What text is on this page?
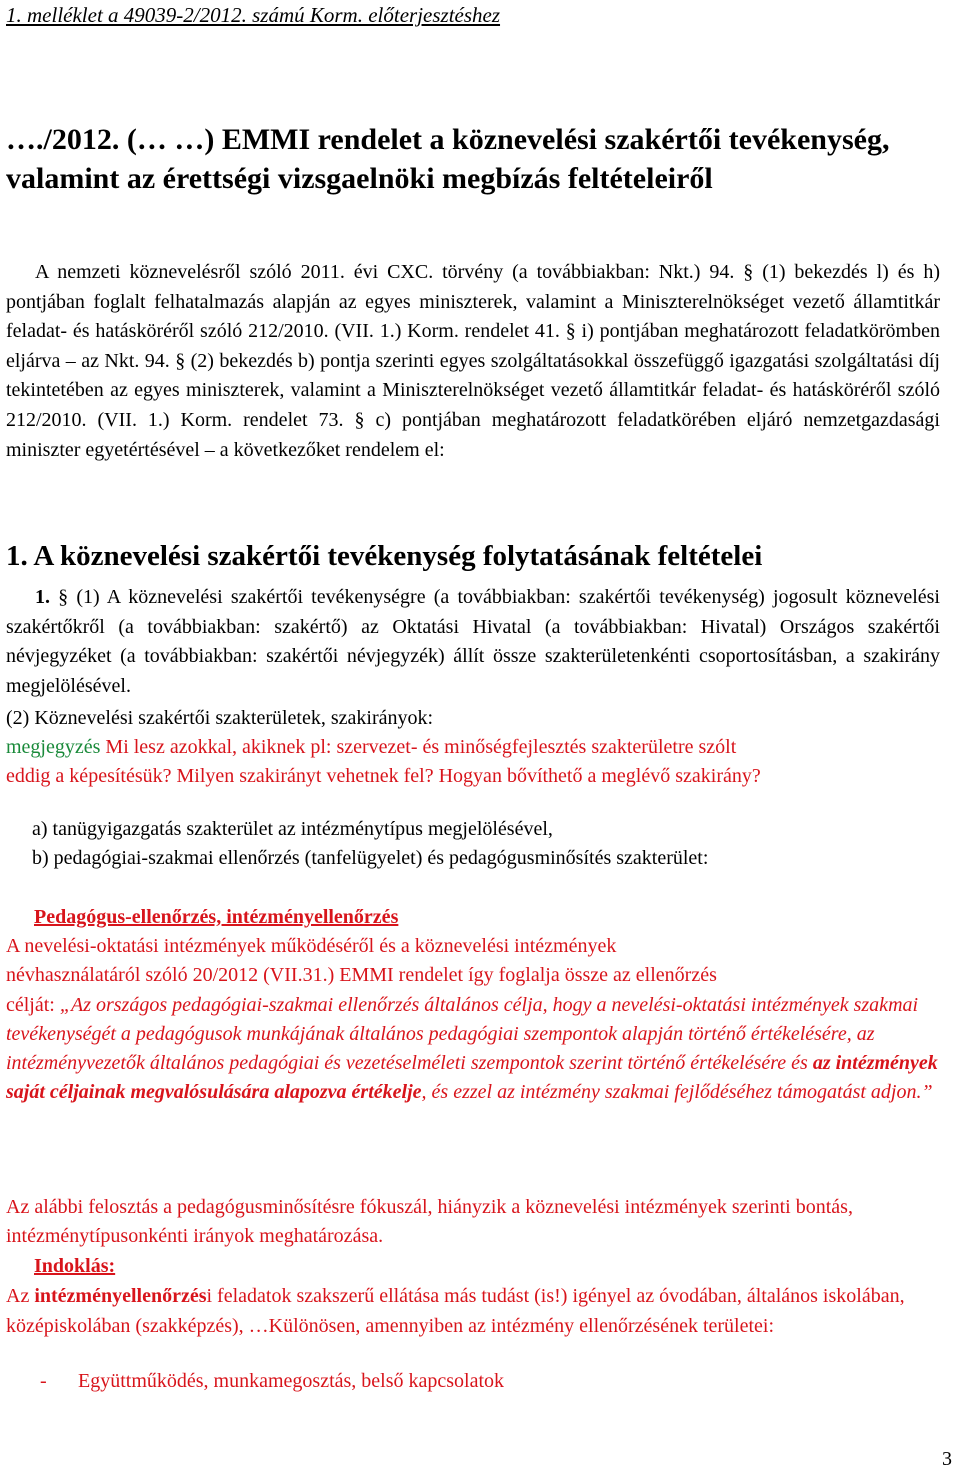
1. melléklet a 49039-2/2012. számú Korm. előterjesztéshez
…./2012. (… …) EMMI rendelet a köznevelési szakértői tevékenység, valamint az érettségi vizsgaelnöki megbízás feltételeiről

A nemzeti köznevelésről szóló 2011. évi CXC. törvény (a továbbiakban: Nkt.) 94. § (1) bekezdés l) és h) pontjában foglalt felhatalmazás alapján az egyes miniszterek, valamint a Miniszterelnökséget vezető államtitkár feladat- és hatásköréről szóló 212/2010. (VII. 1.) Korm. rendelet 41. § i) pontjában meghatározott feladatkörömben eljárva – az Nkt. 94. § (2) bekezdés b) pontja szerinti egyes szolgáltatásokkal összefüggő igazgatási szolgáltatási díj tekintetében az egyes miniszterek, valamint a Miniszterelnökséget vezető államtitkár feladat- és hatásköréről szóló 212/2010. (VII. 1.) Korm. rendelet 73. § c) pontjában meghatározott feladatkörében eljáró nemzetgazdasági miniszter egyetértésével – a következőket rendelem el:

1. A köznevelési szakértői tevékenység folytatásának feltételei

1. § (1) A köznevelési szakértői tevékenységre (a továbbiakban: szakértői tevékenység) jogosult köznevelési szakértőkről (a továbbiakban: szakértő) az Oktatási Hivatal (a továbbiakban: Hivatal) Országos szakértői névjegyzéket (a továbbiakban: szakértői névjegyzék) állít össze szakterületenkénti csoportosításban, a szakirány megjelölésével.

(2) Köznevelési szakértői szakterületek, szakirányok:
megjegyzés Mi lesz azokkal, akiknek pl: szervezet- és minőségfejlesztés szakterületre szólt
eddig a képesítésük? Milyen szakirányt vehetnek fel? Hogyan bővíthető a meglévő szakirány?
a) tanügyigazgatás szakterület az intézménytípus megjelölésével,
b) pedagógiai-szakmai ellenőrzés (tanfelügyelet) és pedagógusminősítés szakterület:

Pedagógus-ellenőrzés, intézményellenőrzés

A nevelési-oktatási intézmények működéséről és a köznevelési intézmények

névhasználatáról szóló 20/2012 (VII.31.) EMMI rendelet így foglalja össze az ellenőrzés

célját: „Az országos pedagógiai-szakmai ellenőrzés általános célja, hogy a nevelési-oktatási intézmények szakmai tevékenységét a pedagógusok munkájának általános pedagógiai szempontok alapján történő értékelésére, az intézményvezetők általános pedagógiai és vezetéselméleti szempontok szerint történő értékelésére és az intézmények saját céljainak megvalósulására alapozva értékelje, és ezzel az intézmény szakmai fejlődéséhez támogatást adjon.”

Az alábbi felosztás a pedagógusminősítésre fókuszál, hiányzik a köznevelési intézmények szerinti bontás, intézménytípusonkénti irányok meghatározása.

Indoklás:

Az intézményellenőrzési feladatok szakszerű ellátása más tudást (is!) igényel az óvodában, általános iskolában, középiskolában (szakképzés), …Különösen, amennyiben az intézmény ellenőrzésének területei:

- Együttműködés, munkamegosztás, belső kapcsolatok
3
